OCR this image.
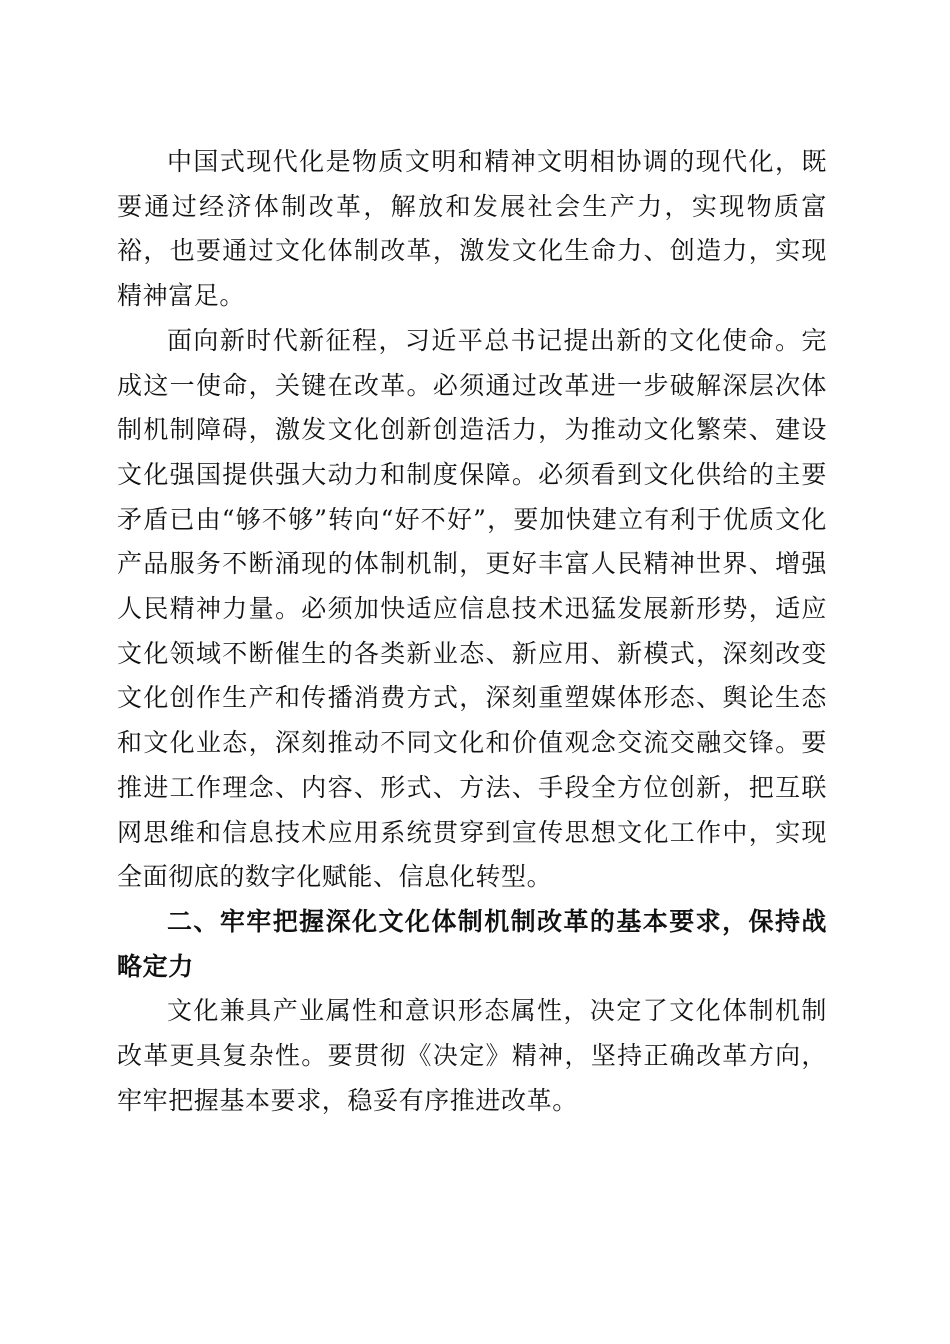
中国式现代化是物质文明和精神文明相协调的现代化，既要通过经济体制改革，解放和发展社会生产力，实现物质富裕，也要通过文化体制改革，激发文化生命力、创造力，实现精神富足。

面向新时代新征程，习近平总书记提出新的文化使命。完成这一使命，关键在改革。必须通过改革进一步破解深层次体制机制障碍，激发文化创新创造活力，为推动文化繁荣、建设文化强国提供强大动力和制度保障。必须看到文化供给的主要矛盾已由“够不够”转向“好不好”，要加快建立有利于优质文化产品服务不断涌现的体制机制，更好丰富人民精神世界、增强人民精神力量。必须加快适应信息技术迅猛发展新形势，适应文化领域不断催生的各类新业态、新应用、新模式，深刻改变文化创作生产和传播消费方式，深刻重塑媒体形态、舆论生态和文化业态，深刻推动不同文化和价值观念交流交融交锋。要推进工作理念、内容、形式、方法、手段全方位创新，把互联网思维和信息技术应用系统贯穿到宣传思想文化工作中，实现全面彻底的数字化赋能、信息化转型。

二、牢牢把握深化文化体制机制改革的基本要求，保持战略定力

文化兼具产业属性和意识形态属性，决定了文化体制机制改革更具复杂性。要贯彻《决定》精神，坚持正确改革方向，牢牢把握基本要求，稳妥有序推进改革。
